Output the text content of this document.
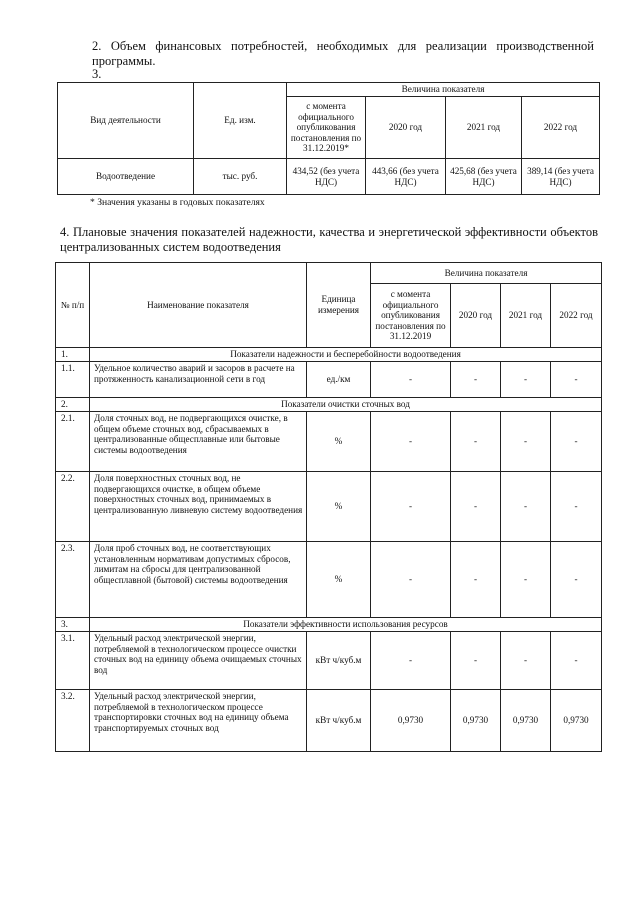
2. Объем финансовых потребностей, необходимых для реализации производственной программы.
3.
Вид деятельности	Ед. изм.	Величина показателя			
		с момента официального опубликования постановления по 31.12.2019*	2020 год	2021 год	2022 год
Водоотведение	тыс. руб.	434,52 (без учета НДС)	443,66 (без учета НДС)	425,68 (без учета НДС)	389,14 (без учета НДС)
* Значения указаны в годовых показателях
4. Плановые значения показателей надежности, качества и энергетической эффективности объектов централизованных систем водоотведения
№ п/п	Наименование показателя	Единица измерения	Величина показателя			
			с момента официального опубликования постановления по 31.12.2019	2020 год	2021 год	2022 год
1.	Показатели надежности и бесперебойности водоотведения					
1.1.	Удельное количество аварий и засоров в расчете на протяженность канализационной сети в год	ед./км	-	-	-	-
2.	Показатели очистки сточных вод					
2.1.	Доля сточных вод, не подвергающихся очистке, в общем объеме сточных вод, сбрасываемых в централизованные общесплавные или бытовые системы водоотведения	%	-	-	-	-
2.2.	Доля поверхностных сточных вод, не подвергающихся очистке, в общем объеме поверхностных сточных вод, принимаемых в централизованную ливневую систему водоотведения	%	-	-	-	-
2.3.	Доля проб сточных вод, не соответствующих установленным нормативам допустимых сбросов, лимитам на сбросы для централизованной общесплавной (бытовой) системы водоотведения	%	-	-	-	-
3.	Показатели эффективности использования ресурсов					
3.1.	Удельный расход электрической энергии, потребляемой в технологическом процессе очистки сточных вод на единицу объема очищаемых сточных вод	кВт ч/куб.м	-	-	-	-
3.2.	Удельный расход электрической энергии, потребляемой в технологическом процессе транспортировки сточных вод на единицу объема транспортируемых сточных вод	кВт ч/куб.м	0,9730	0,9730	0,9730	0,9730
